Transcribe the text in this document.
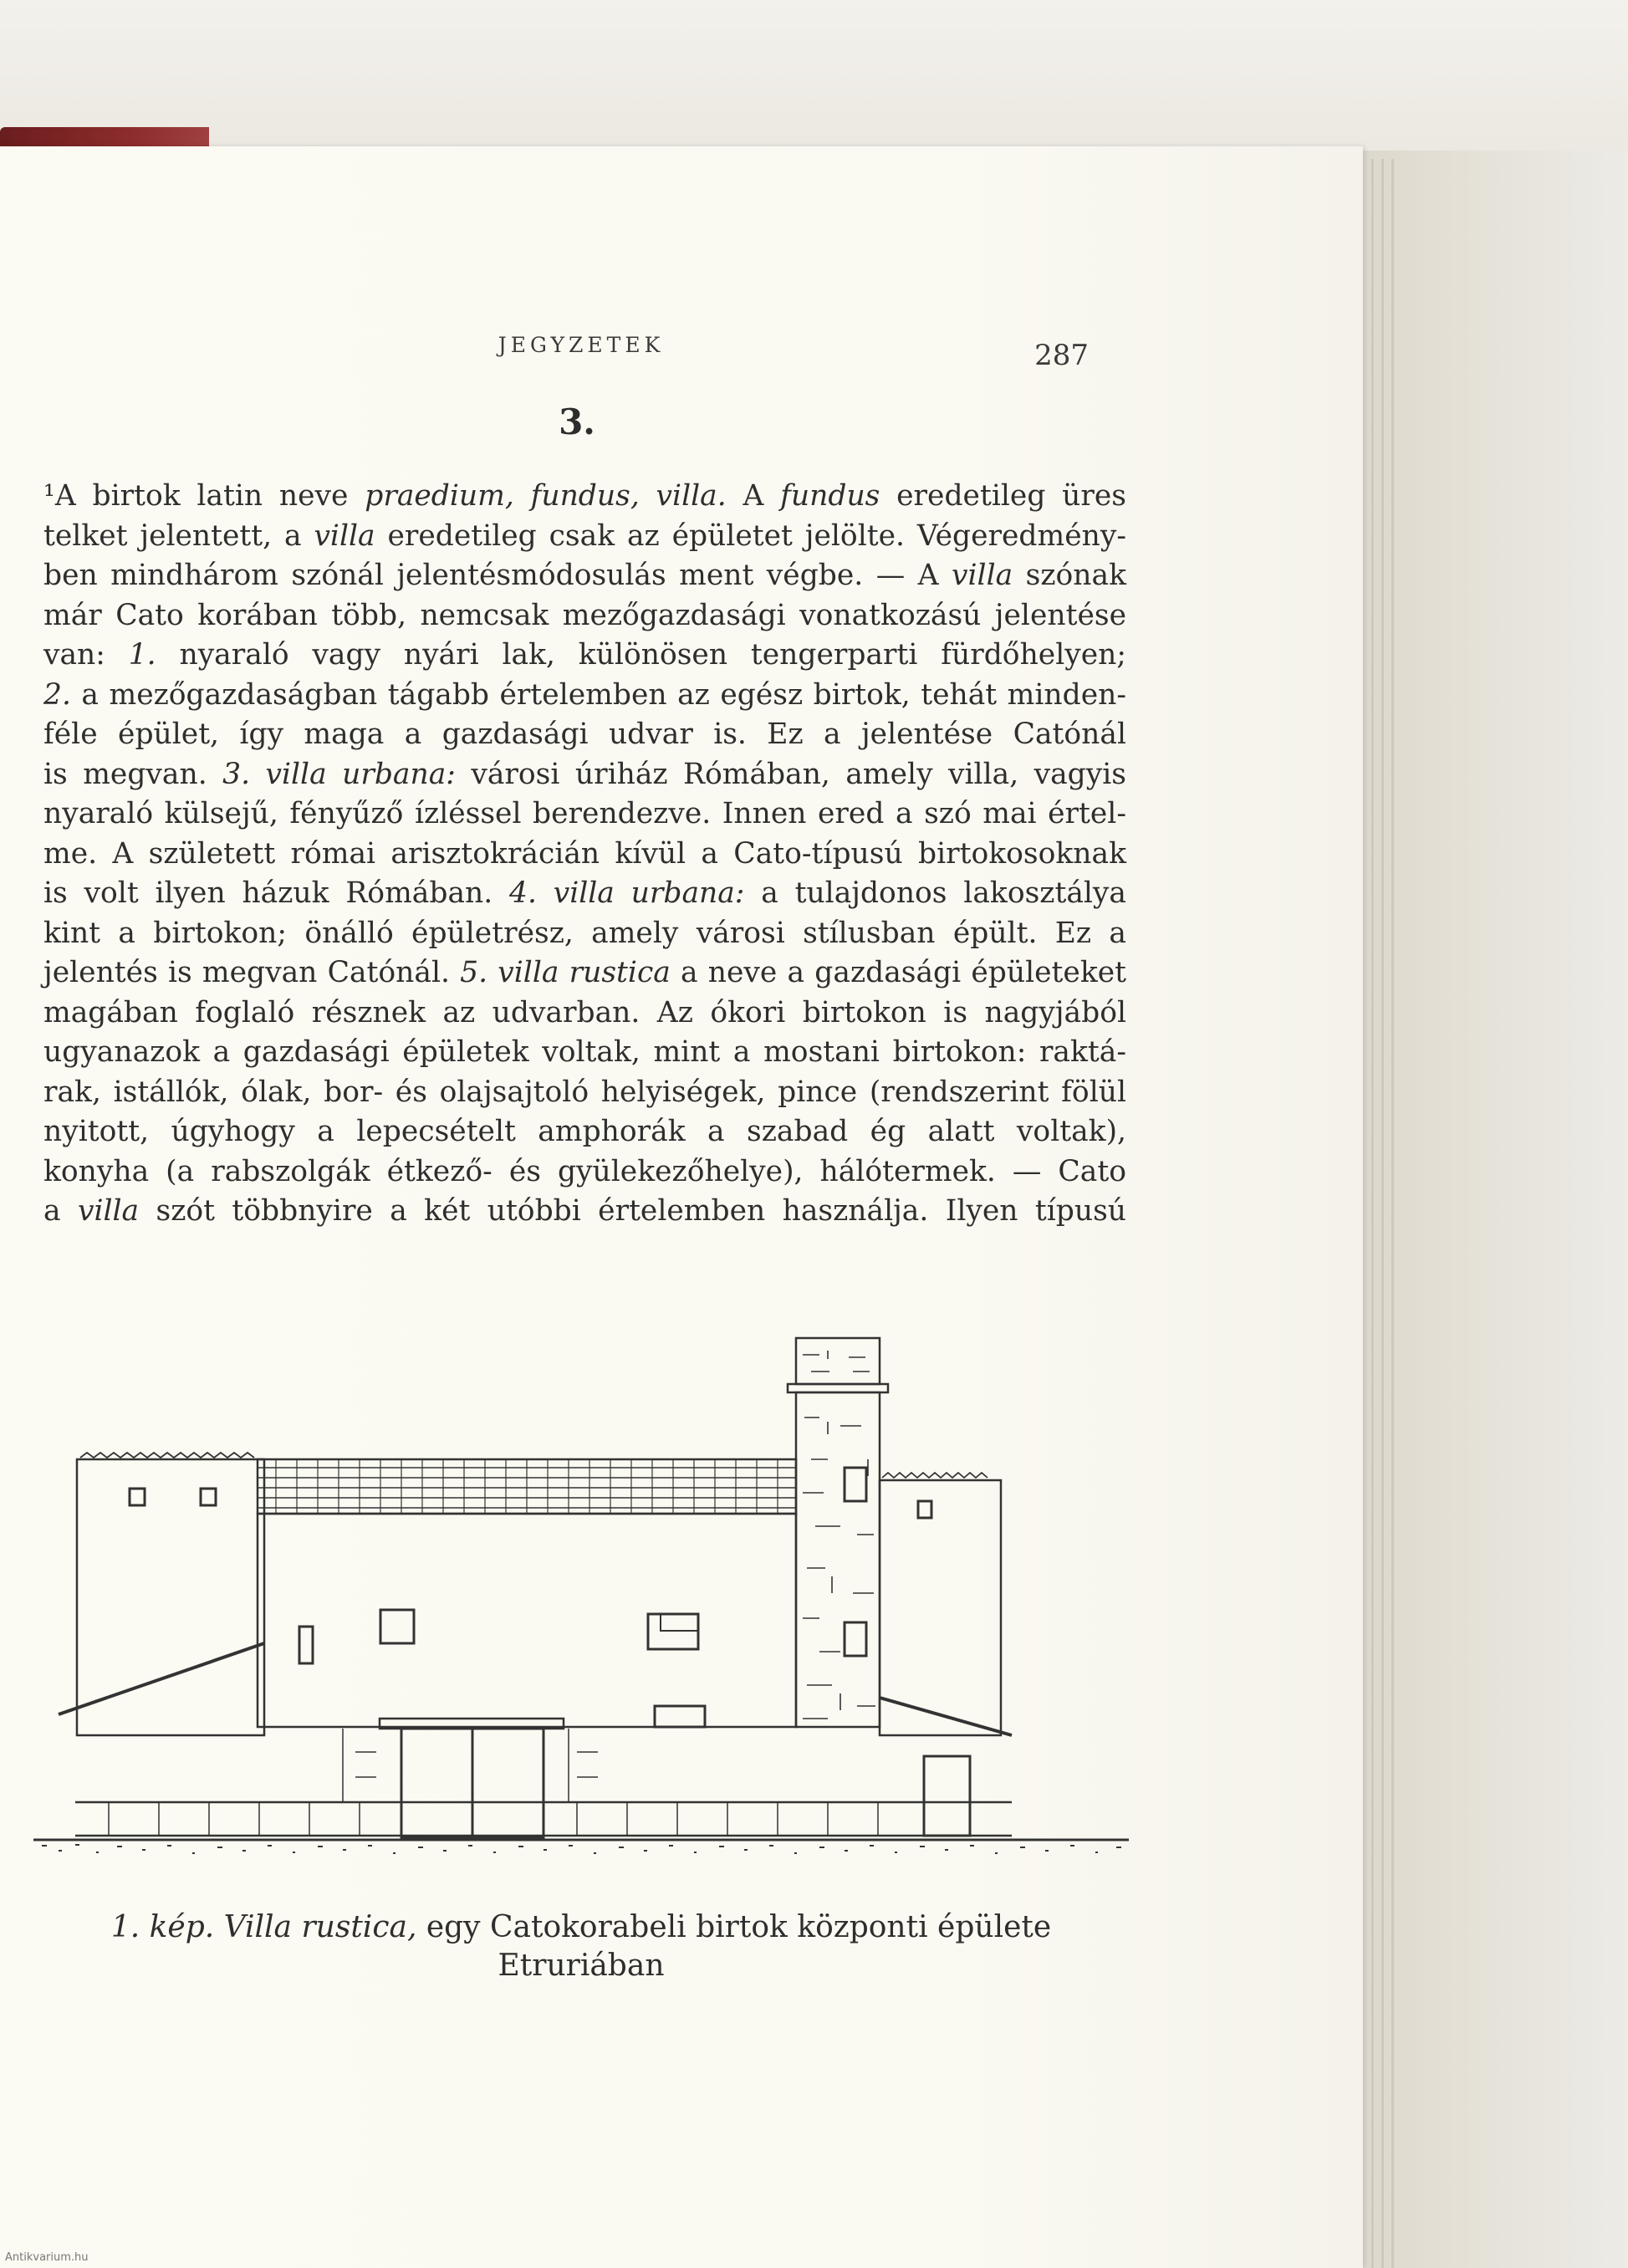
JEGYZETEK	287
3.
¹A birtok latin neve praedium, fundus, villa. A fundus eredetileg üres
telket jelentett, a villa eredetileg csak az épületet jelölte. Végeredmény-
ben mindhárom szónál jelentésmódosulás ment végbe. — A villa szónak
már Cato korában több, nemcsak mezőgazdasági vonatkozású jelentése
van: 1. nyaraló vagy nyári lak, különösen tengerparti fürdőhelyen;
2. a mezőgazdaságban tágabb értelemben az egész birtok, tehát minden-
féle épület, így maga a gazdasági udvar is. Ez a jelentése Catónál
is megvan. 3. villa urbana: városi úriház Rómában, amely villa, vagyis
nyaraló külsejű, fényűző ízléssel berendezve. Innen ered a szó mai értel-
me. A született római arisztokrácián kívül a Cato-típusú birtokosoknak
is volt ilyen házuk Rómában. 4. villa urbana: a tulajdonos lakosztálya
kint a birtokon; önálló épületrész, amely városi stílusban épült. Ez a
jelentés is megvan Catónál. 5. villa rustica a neve a gazdasági épületeket
magában foglaló résznek az udvarban. Az ókori birtokon is nagyjából
ugyanazok a gazdasági épületek voltak, mint a mostani birtokon: raktá-
rak, istállók, ólak, bor- és olajsajtoló helyiségek, pince (rendszerint fölül
nyitott, úgyhogy a lepecsételt amphorák a szabad ég alatt voltak),
konyha (a rabszolgák étkező- és gyülekezőhelye), hálótermek. — Cato
a villa szót többnyire a két utóbbi értelemben használja. Ilyen típusú
1. kép. Villa rustica, egy Catokorabeli birtok központi épülete
Etruriában
Antikvarium.hu
